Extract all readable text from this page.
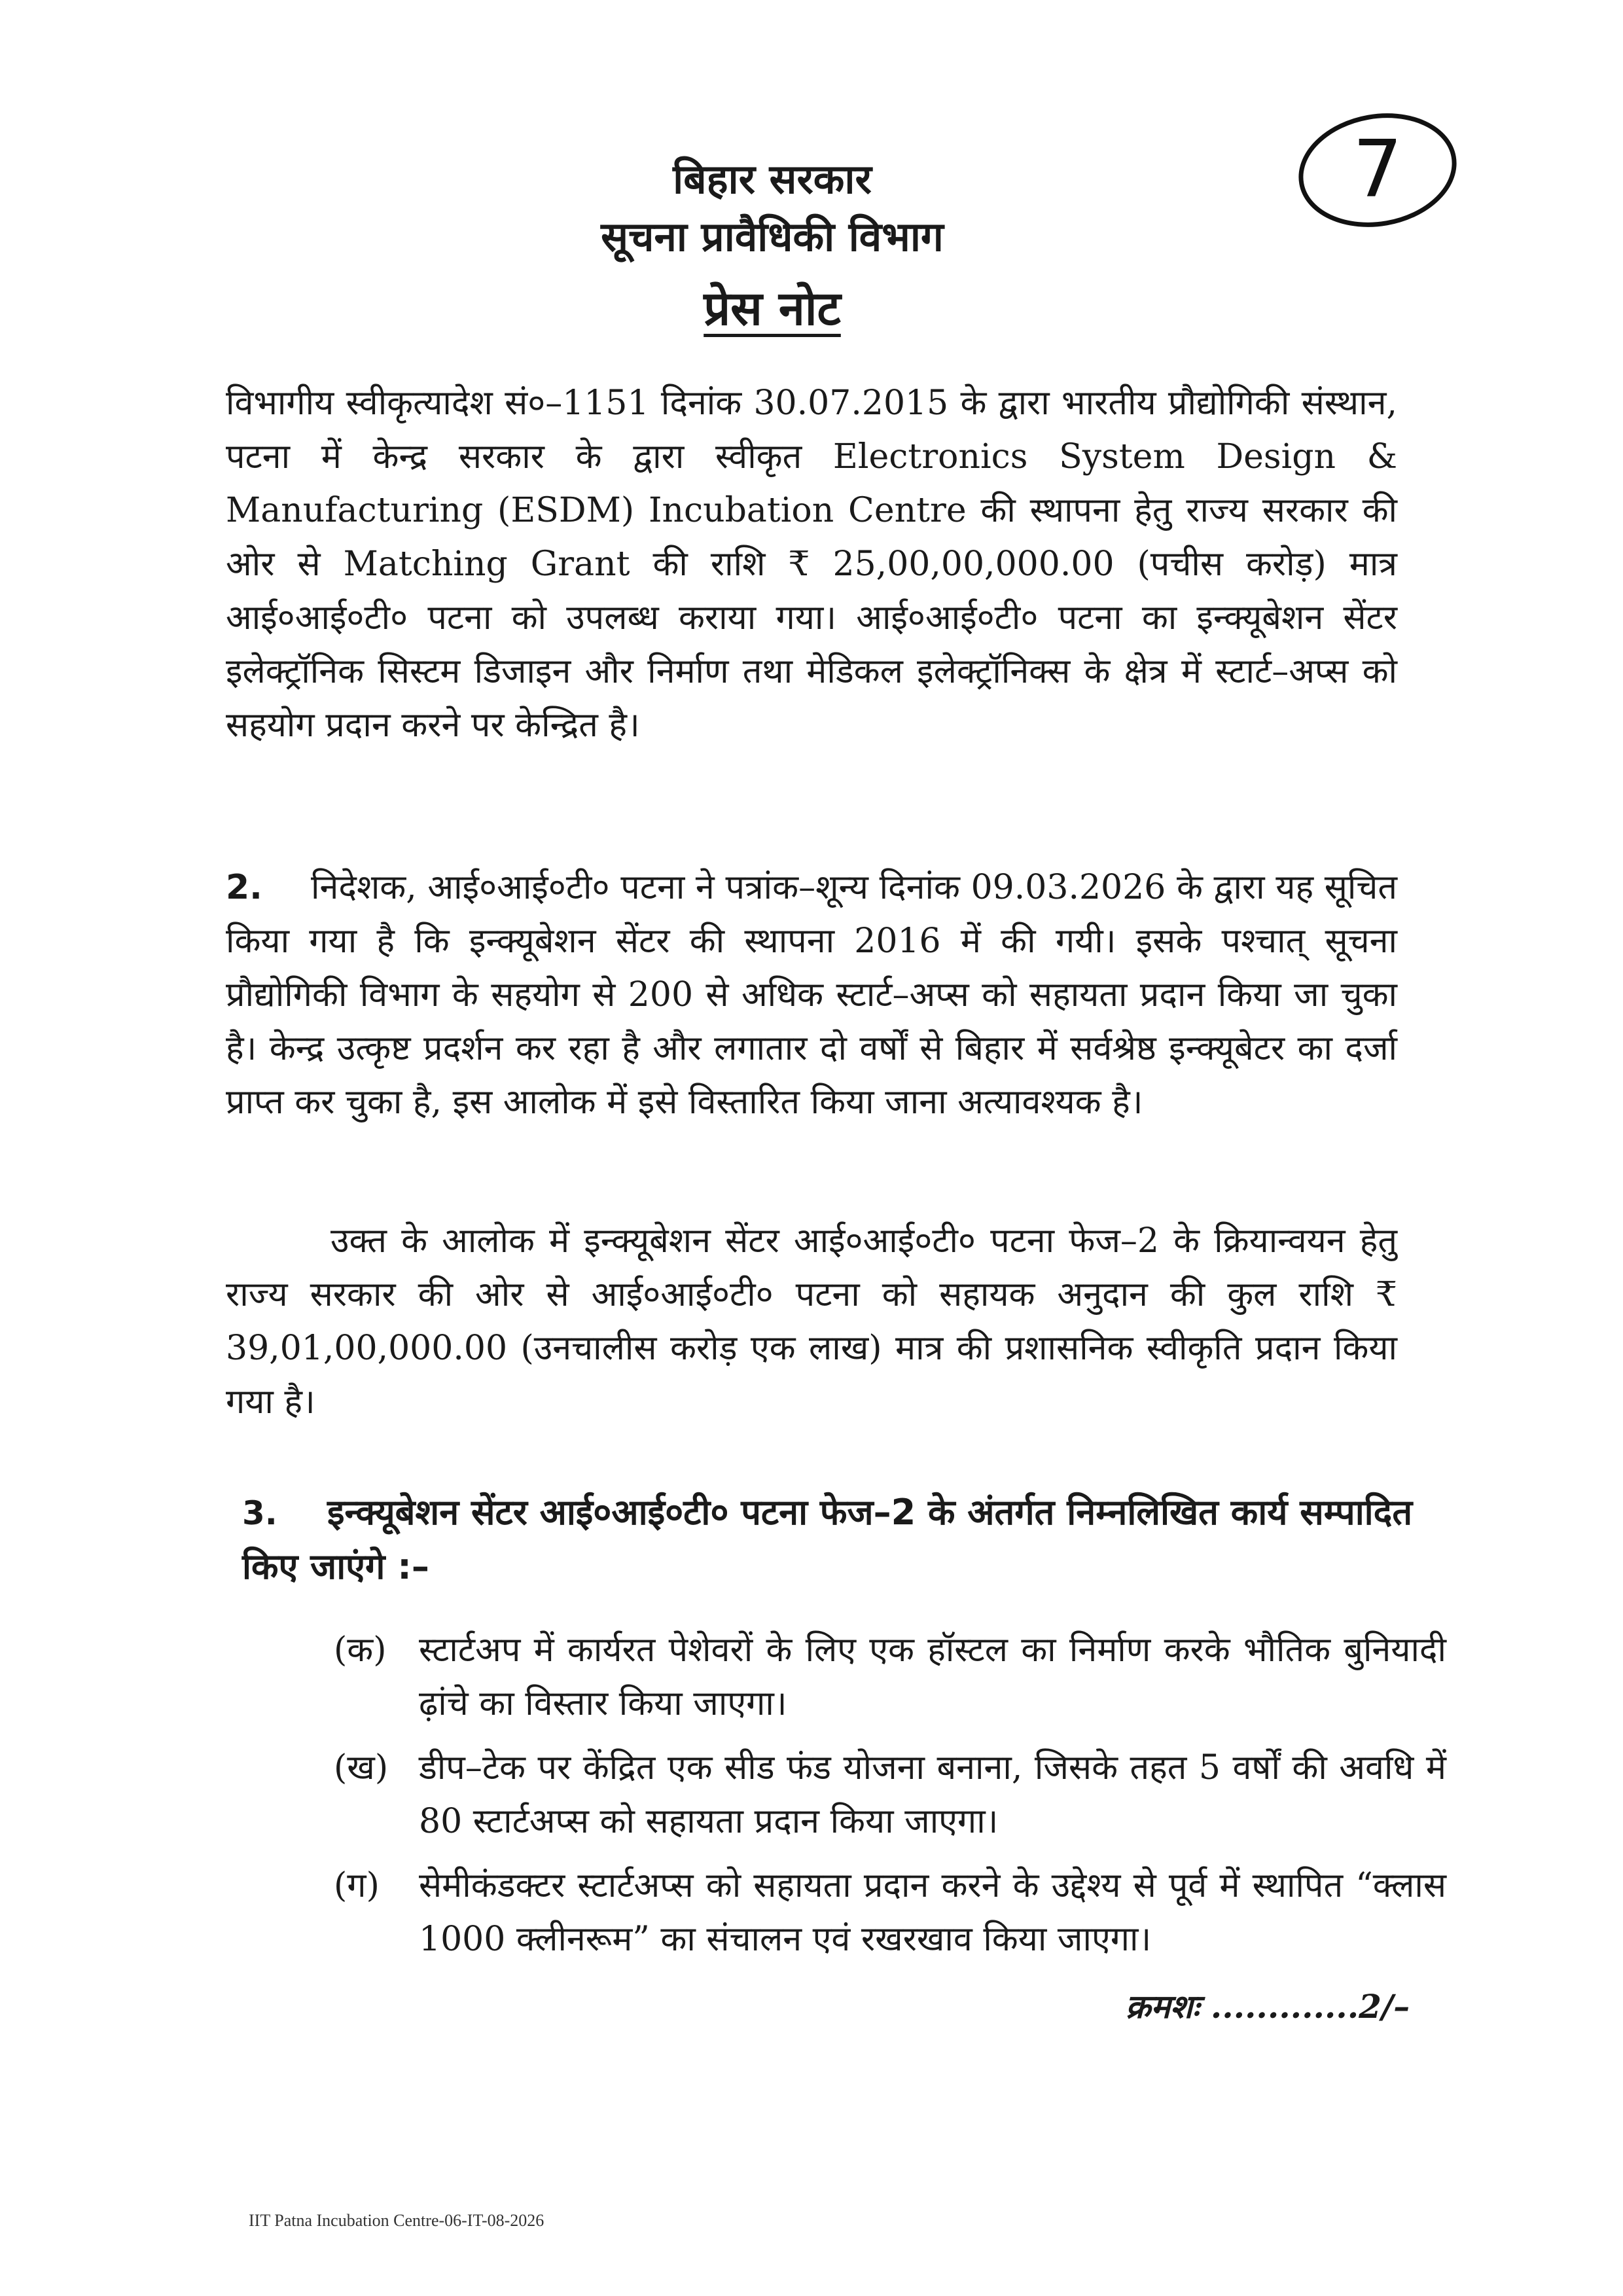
7
बिहार सरकार
सूचना प्रावैधिकी विभाग
प्रेस नोट
विभागीय स्वीकृत्यादेश सं०–1151 दिनांक 30.07.2015 के द्वारा भारतीय प्रौद्योगिकी संस्थान, पटना में केन्द्र सरकार के द्वारा स्वीकृत Electronics System Design & Manufacturing (ESDM) Incubation Centre की स्थापना हेतु राज्य सरकार की ओर से Matching Grant की राशि ₹ 25,00,00,000.00 (पचीस करोड़) मात्र आई०आई०टी० पटना को उपलब्ध कराया गया। आई०आई०टी० पटना का इन्क्यूबेशन सेंटर इलेक्ट्रॉनिक सिस्टम डिजाइन और निर्माण तथा मेडिकल इलेक्ट्रॉनिक्स के क्षेत्र में स्टार्ट–अप्स को सहयोग प्रदान करने पर केन्द्रित है।
2. निदेशक, आई०आई०टी० पटना ने पत्रांक–शून्य दिनांक 09.03.2026 के द्वारा यह सूचित किया गया है कि इन्क्यूबेशन सेंटर की स्थापना 2016 में की गयी। इसके पश्चात् सूचना प्रौद्योगिकी विभाग के सहयोग से 200 से अधिक स्टार्ट–अप्स को सहायता प्रदान किया जा चुका है। केन्द्र उत्कृष्ट प्रदर्शन कर रहा है और लगातार दो वर्षों से बिहार में सर्वश्रेष्ठ इन्क्यूबेटर का दर्जा प्राप्त कर चुका है, इस आलोक में इसे विस्तारित किया जाना अत्यावश्यक है।
उक्त के आलोक में इन्क्यूबेशन सेंटर आई०आई०टी० पटना फेज–2 के क्रियान्वयन हेतु राज्य सरकार की ओर से आई०आई०टी० पटना को सहायक अनुदान की कुल राशि ₹ 39,01,00,000.00 (उनचालीस करोड़ एक लाख) मात्र की प्रशासनिक स्वीकृति प्रदान किया गया है।
3. इन्क्यूबेशन सेंटर आई०आई०टी० पटना फेज–2 के अंतर्गत निम्नलिखित कार्य सम्पादित किए जाएंगे :–
(क) स्टार्टअप में कार्यरत पेशेवरों के लिए एक हॉस्टल का निर्माण करके भौतिक बुनियादी ढ़ांचे का विस्तार किया जाएगा।
(ख) डीप–टेक पर केंद्रित एक सीड फंड योजना बनाना, जिसके तहत 5 वर्षों की अवधि में 80 स्टार्टअप्स को सहायता प्रदान किया जाएगा।
(ग) सेमीकंडक्टर स्टार्टअप्स को सहायता प्रदान करने के उद्देश्य से पूर्व में स्थापित “क्लास 1000 क्लीनरूम” का संचालन एवं रखरखाव किया जाएगा।
क्रमशः .............2/–
IIT Patna Incubation Centre-06-IT-08-2026
